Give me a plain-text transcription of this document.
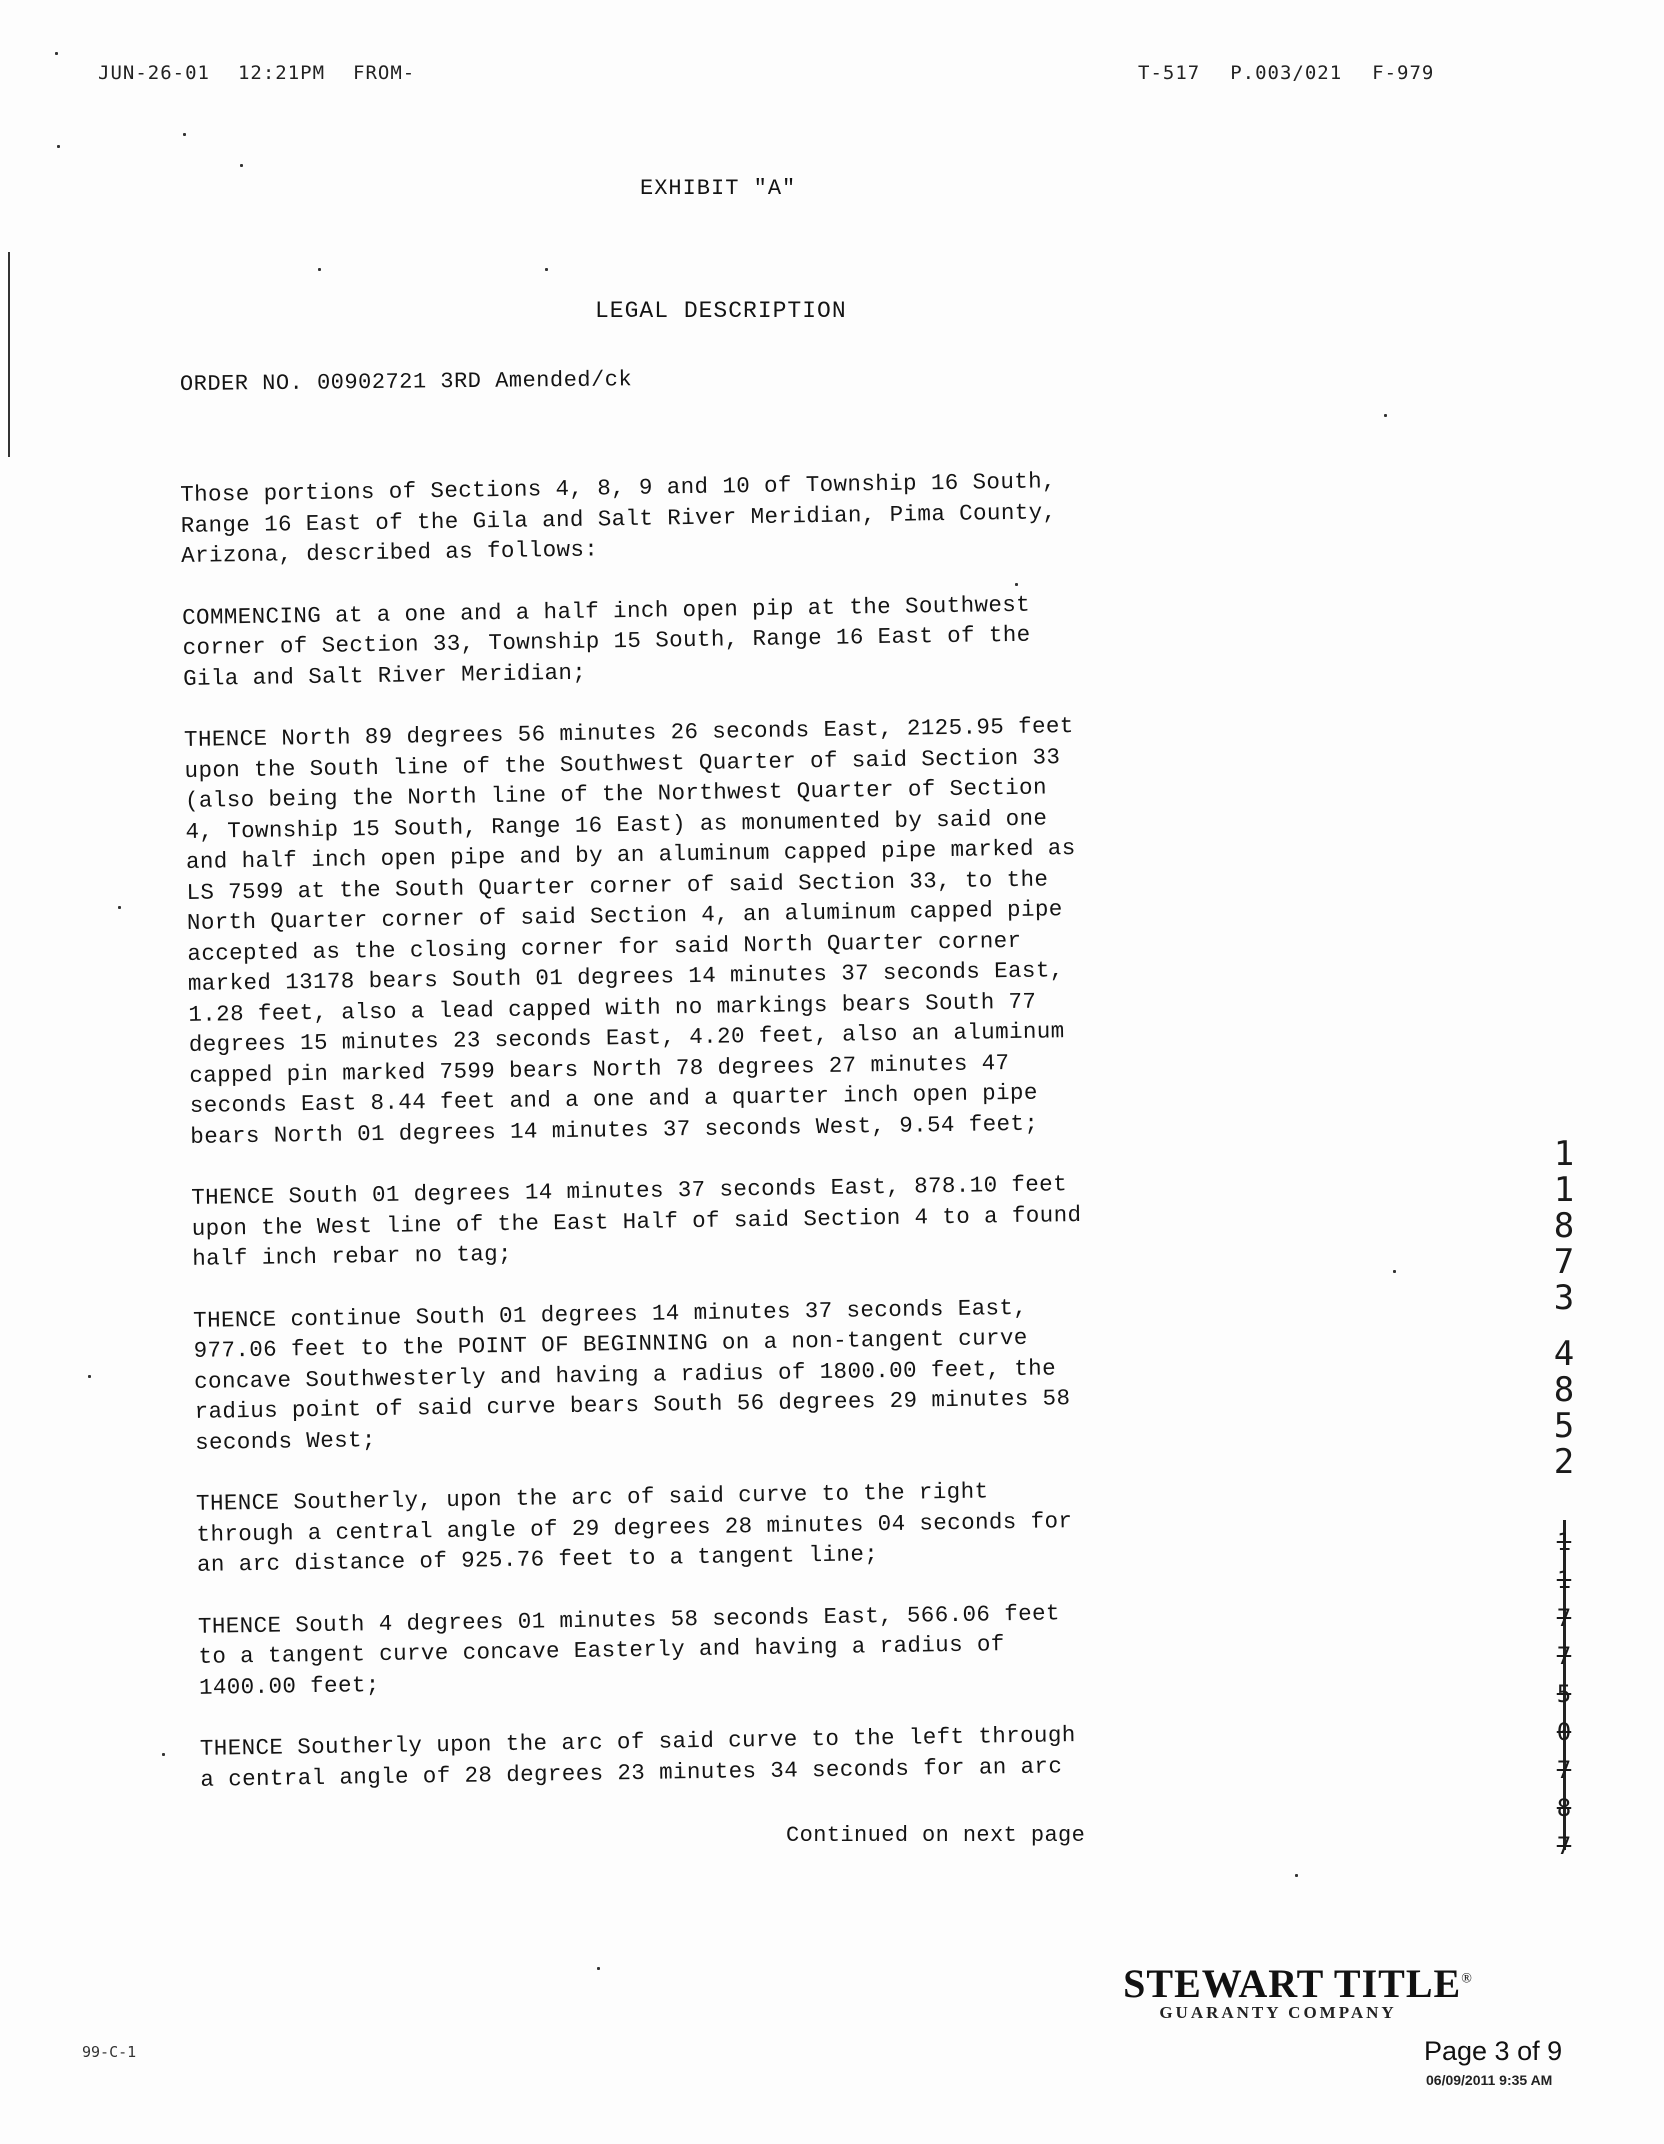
JUN-26-01 12:21PM FROM-	T-517 P.003/021 F-979
EXHIBIT "A"
LEGAL DESCRIPTION
ORDER NO. 00902721 3RD Amended/ck

Those portions of Sections 4, 8, 9 and 10 of Township 16 South,
Range 16 East of the Gila and Salt River Meridian, Pima County,
Arizona, described as follows:

COMMENCING at a one and a half inch open pip at the Southwest
corner of Section 33, Township 15 South, Range 16 East of the
Gila and Salt River Meridian;

THENCE North 89 degrees 56 minutes 26 seconds East, 2125.95 feet
upon the South line of the Southwest Quarter of said Section 33
(also being the North line of the Northwest Quarter of Section
4, Township 15 South, Range 16 East) as monumented by said one
and half inch open pipe and by an aluminum capped pipe marked as
LS 7599 at the South Quarter corner of said Section 33, to the
North Quarter corner of said Section 4, an aluminum capped pipe
accepted as the closing corner for said North Quarter corner
marked 13178 bears South 01 degrees 14 minutes 37 seconds East,
1.28 feet, also a lead capped with no markings bears South 77
degrees 15 minutes 23 seconds East, 4.20 feet, also an aluminum
capped pin marked 7599 bears North 78 degrees 27 minutes 47
seconds East 8.44 feet and a one and a quarter inch open pipe
bears North 01 degrees 14 minutes 37 seconds West, 9.54 feet;

THENCE South 01 degrees 14 minutes 37 seconds East, 878.10 feet
upon the West line of the East Half of said Section 4 to a found
half inch rebar no tag;

THENCE continue South 01 degrees 14 minutes 37 seconds East,
977.06 feet to the POINT OF BEGINNING on a non-tangent curve
concave Southwesterly and having a radius of 1800.00 feet, the
radius point of said curve bears South 56 degrees 29 minutes 58
seconds West;

THENCE Southerly, upon the arc of said curve to the right
through a central angle of 29 degrees 28 minutes 04 seconds for
an arc distance of 925.76 feet to a tangent line;

THENCE South 4 degrees 01 minutes 58 seconds East, 566.06 feet
to a tangent curve concave Easterly and having a radius of
1400.00 feet;

THENCE Southerly upon the arc of said curve to the left through
a central angle of 28 degrees 23 minutes 34 seconds for an arc

Continued on next page
1
1
8
7
3
4
8
5
2
1
1
7
7
5
0
7
8
7
STEWART TITLE®
GUARANTY COMPANY
Page 3 of 9
06/09/2011 9:35 AM
99-C-1
